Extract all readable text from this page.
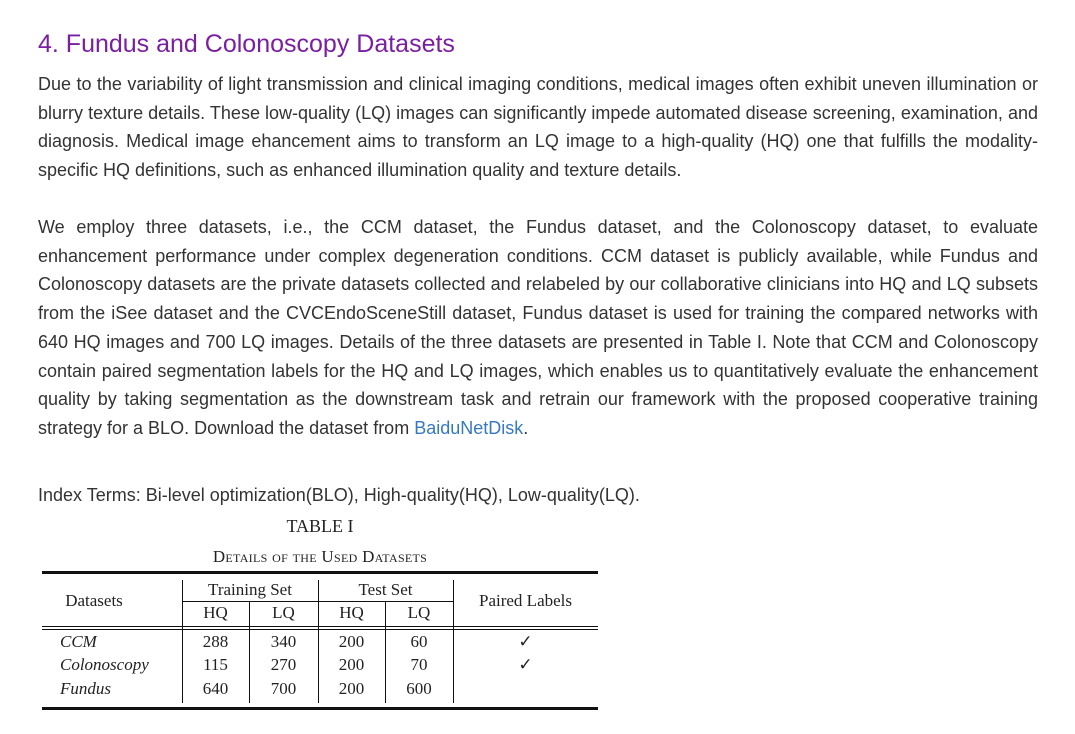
4. Fundus and Colonoscopy Datasets

Due to the variability of light transmission and clinical imaging conditions, medical images often exhibit uneven illumination or blurry texture details. These low-quality (LQ) images can significantly impede automated disease screening, examination, and diagnosis. Medical image ehancement aims to transform an LQ image to a high-quality (HQ) one that fulfills the modality-specific HQ definitions, such as enhanced illumination quality and texture details.

We employ three datasets, i.e., the CCM dataset, the Fundus dataset, and the Colonoscopy dataset, to evaluate enhancement performance under complex degeneration conditions. CCM dataset is publicly available, while Fundus and Colonoscopy datasets are the private datasets collected and relabeled by our collaborative clinicians into HQ and LQ subsets from the iSee dataset and the CVCEndoSceneStill dataset, Fundus dataset is used for training the compared networks with 640 HQ images and 700 LQ images. Details of the three datasets are presented in Table I. Note that CCM and Colonoscopy contain paired segmentation labels for the HQ and LQ images, which enables us to quantitatively evaluate the enhancement quality by taking segmentation as the downstream task and retrain our framework with the proposed cooperative training strategy for a BLO. Download the dataset from BaiduNetDisk.

Index Terms: Bi-level optimization(BLO), High-quality(HQ), Low-quality(LQ).

TABLE I
Details of the Used Datasets
Datasets
Training Set	Test Set
Paired Labels
HQ	LQ	HQ	LQ
CCM	288	340	200	60	✓
Colonoscopy	115	270	200	70	✓
Fundus	640	700	200	600
